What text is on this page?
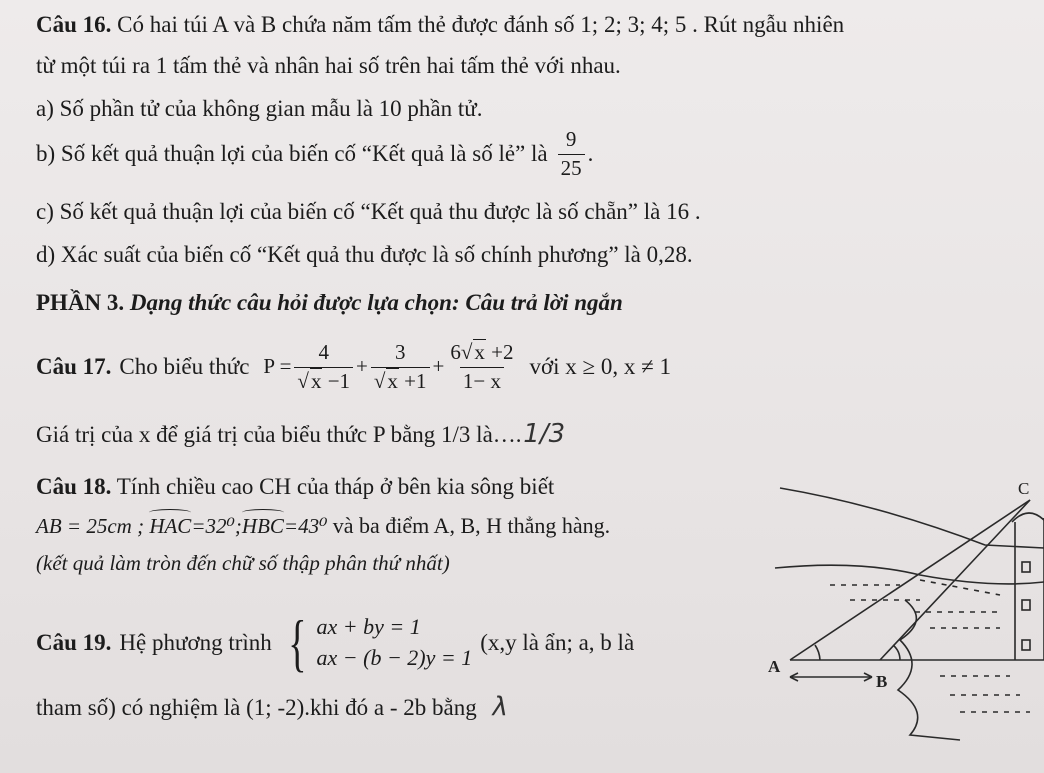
Câu 16. Có hai túi A và B chứa năm tấm thẻ được đánh số 1; 2; 3; 4; 5 . Rút ngẫu nhiên
từ một túi ra 1 tấm thẻ và nhân hai số trên hai tấm thẻ với nhau.
a) Số phần tử của không gian mẫu là 10 phần tử.
b) Số kết quả thuận lợi của biến cố “Kết quả là số lẻ” là $\frac{9}{25}$ .
c) Số kết quả thuận lợi của biến cố “Kết quả thu được là số chẵn” là 16 .
d) Xác suất của biến cố “Kết quả thu được là số chính phương” là 0,28.
PHẦN 3. Dạng thức câu hỏi được lựa chọn: Câu trả lời ngắn
Câu 17. Cho biểu thức $P = \frac{4}{√x -1} + \frac{3}{√x +1} + \frac{6√x +2}{1- x}$ với x ≥ 0, x ≠ 1
Giá trị của x để giá trị của biểu thức P bằng 1/3 là…. 1/3
Câu 18. Tính chiều cao CH của tháp ở bên kia sông biết
AB = 25cm ; HAC=32⁰;HBC=43⁰ và ba điểm A, B, H thẳng hàng.
(kết quả làm tròn đến chữ số thập phân thứ nhất)
Câu 19. Hệ phương trình { ax + by = 1
ax − (b − 2)y = 1
(x,y là ẩn; a, b là
tham số) có nghiệm là (1; -2).khi đó a - 2b bằng λ
C
A
B
